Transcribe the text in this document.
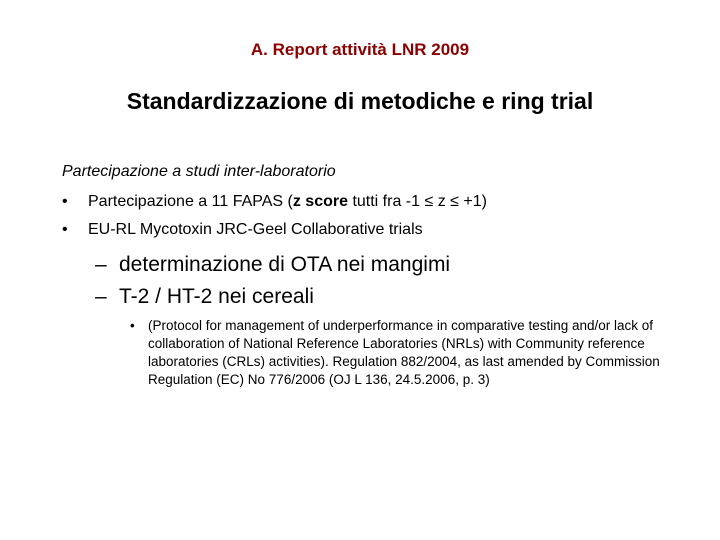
A. Report attività LNR 2009
Standardizzazione di metodiche e ring trial
Partecipazione a studi inter-laboratorio
• Partecipazione a 11 FAPAS (z score tutti fra -1 ≤ z ≤ +1)
• EU-RL Mycotoxin JRC-Geel Collaborative trials
– determinazione di OTA nei mangimi
– T-2 / HT-2 nei cereali
• (Protocol for management of underperformance in comparative testing and/or lack of collaboration of National Reference Laboratories (NRLs) with Community reference laboratories (CRLs) activities). Regulation 882/2004, as last amended by Commission Regulation (EC) No 776/2006 (OJ L 136, 24.5.2006, p. 3)
